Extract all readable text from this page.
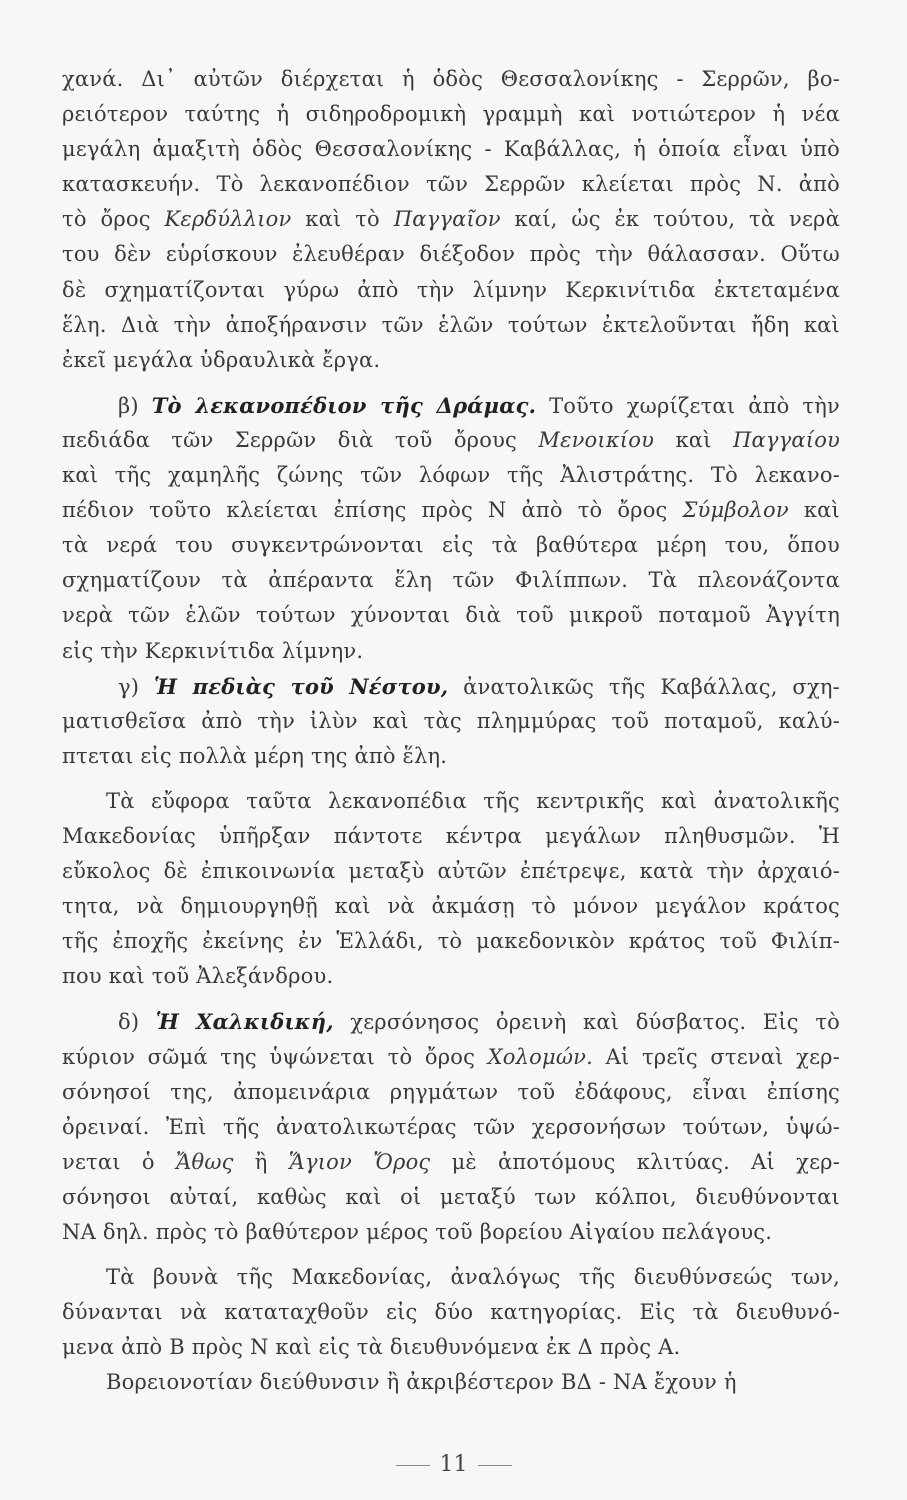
χανά. Δι᾽ αὐτῶν διέρχεται ἡ ὁδὸς Θεσσαλονίκης - Σερρῶν, βο-
ρειότερον ταύτης ἡ σιδηροδρομικὴ γραμμὴ καὶ νοτιώτερον ἡ νέα
μεγάλη ἁμαξιτὴ ὁδὸς Θεσσαλονίκης - Καβάλλας, ἡ ὁποία εἶναι ὑπὸ
κατασκευήν. Τὸ λεκανοπέδιον τῶν Σερρῶν κλείεται πρὸς Ν. ἀπὸ
τὸ ὄρος Κερδύλλιον καὶ τὸ Παγγαῖον καί, ὡς ἐκ τούτου, τὰ νερὰ
του δὲν εὑρίσκουν ἐλευθέραν διέξοδον πρὸς τὴν θάλασσαν. Οὕτω
δὲ σχηματίζονται γύρω ἀπὸ τὴν λίμνην Κερκινίτιδα ἐκτεταμένα
ἕλη. Διὰ τὴν ἀποξήρανσιν τῶν ἑλῶν τούτων ἐκτελοῦνται ἤδη καὶ
ἐκεῖ μεγάλα ὑδραυλικὰ ἔργα.
β) Τὸ λεκανοπέδιον τῆς Δράμας. Τοῦτο χωρίζεται ἀπὸ τὴν
πεδιάδα τῶν Σερρῶν διὰ τοῦ ὄρους Μενοικίου καὶ Παγγαίου
καὶ τῆς χαμηλῆς ζώνης τῶν λόφων τῆς Ἀλιστράτης. Τὸ λεκανο-
πέδιον τοῦτο κλείεται ἐπίσης πρὸς Ν ἀπὸ τὸ ὄρος Σύμβολον καὶ
τὰ νερά του συγκεντρώνονται εἰς τὰ βαθύτερα μέρη του, ὅπου
σχηματίζουν τὰ ἀπέραντα ἕλη τῶν Φιλίππων. Τὰ πλεονάζοντα
νερὰ τῶν ἑλῶν τούτων χύνονται διὰ τοῦ μικροῦ ποταμοῦ Ἀγγίτη
εἰς τὴν Κερκινίτιδα λίμνην.
γ) Ἡ πεδιὰς τοῦ Νέστου, ἀνατολικῶς τῆς Καβάλλας, σχη-
ματισθεῖσα ἀπὸ τὴν ἰλὺν καὶ τὰς πλημμύρας τοῦ ποταμοῦ, καλύ-
πτεται εἰς πολλὰ μέρη της ἀπὸ ἕλη.
Τὰ εὔφορα ταῦτα λεκανοπέδια τῆς κεντρικῆς καὶ ἀνατολικῆς
Μακεδονίας ὑπῆρξαν πάντοτε κέντρα μεγάλων πληθυσμῶν. Ἡ
εὔκολος δὲ ἐπικοινωνία μεταξὺ αὐτῶν ἐπέτρεψε, κατὰ τὴν ἀρχαιό-
τητα, νὰ δημιουργηθῇ καὶ νὰ ἀκμάσῃ τὸ μόνον μεγάλον κράτος
τῆς ἐποχῆς ἐκείνης ἐν Ἑλλάδι, τὸ μακεδονικὸν κράτος τοῦ Φιλίπ-
που καὶ τοῦ Ἀλεξάνδρου.
δ) Ἡ Χαλκιδική, χερσόνησος ὀρεινὴ καὶ δύσβατος. Εἰς τὸ
κύριον σῶμά της ὑψώνεται τὸ ὄρος Χολομών. Αἱ τρεῖς στεναὶ χερ-
σόνησοί της, ἀπομεινάρια ρηγμάτων τοῦ ἐδάφους, εἶναι ἐπίσης
ὀρειναί. Ἐπὶ τῆς ἀνατολικωτέρας τῶν χερσονήσων τούτων, ὑψώ-
νεται ὁ Ἄθως ἢ Ἅγιον Ὄρος μὲ ἀποτόμους κλιτύας. Αἱ χερ-
σόνησοι αὐταί, καθὼς καὶ οἱ μεταξύ των κόλποι, διευθύνονται
ΝΑ δηλ. πρὸς τὸ βαθύτερον μέρος τοῦ βορείου Αἰγαίου πελάγους.
Τὰ βουνὰ τῆς Μακεδονίας, ἀναλόγως τῆς διευθύνσεώς των,
δύνανται νὰ καταταχθοῦν εἰς δύο κατηγορίας. Εἰς τὰ διευθυνό-
μενα ἀπὸ Β πρὸς Ν καὶ εἰς τὰ διευθυνόμενα ἐκ Δ πρὸς Α.
Βορειονοτίαν διεύθυνσιν ἢ ἀκριβέστερον ΒΔ - ΝΑ ἔχουν ἡ
11
